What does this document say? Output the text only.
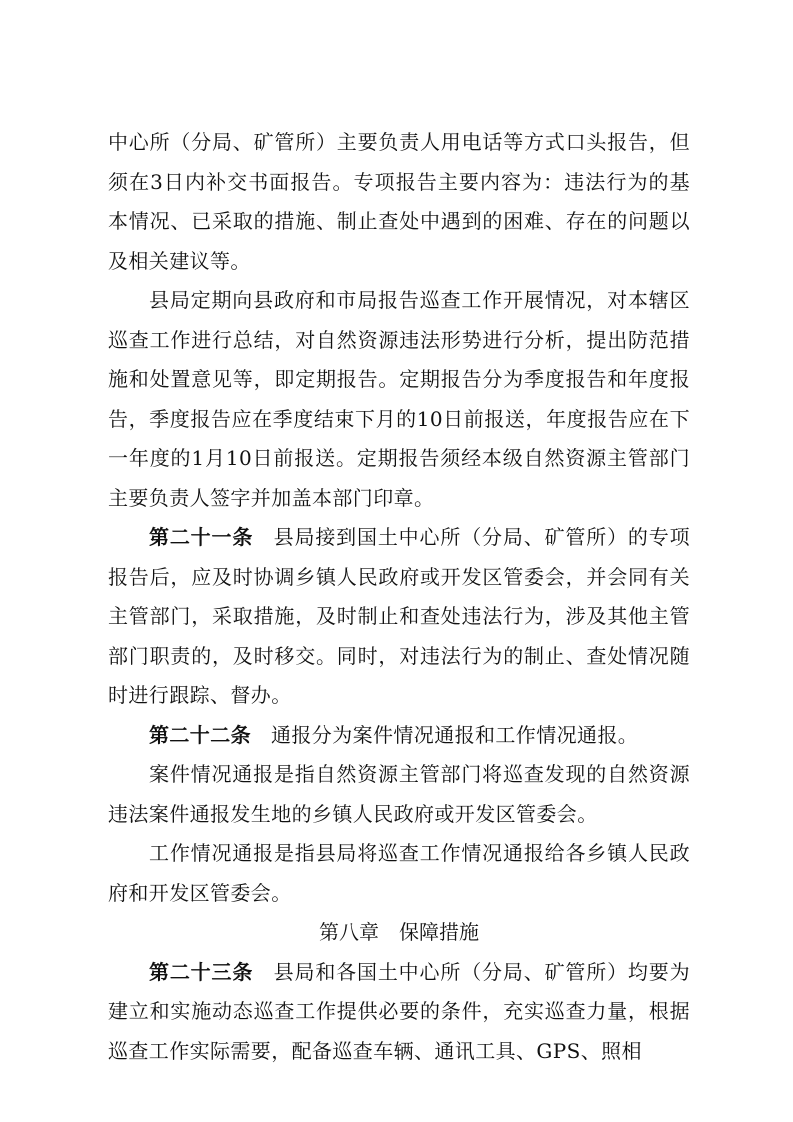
中心所（分局、矿管所）主要负责人用电话等方式口头报告，但须在3日内补交书面报告。专项报告主要内容为：违法行为的基本情况、已采取的措施、制止查处中遇到的困难、存在的问题以及相关建议等。

县局定期向县政府和市局报告巡查工作开展情况，对本辖区巡查工作进行总结，对自然资源违法形势进行分析，提出防范措施和处置意见等，即定期报告。定期报告分为季度报告和年度报告，季度报告应在季度结束下月的10日前报送，年度报告应在下一年度的1月10日前报送。定期报告须经本级自然资源主管部门主要负责人签字并加盖本部门印章。

第二十一条 县局接到国土中心所（分局、矿管所）的专项报告后，应及时协调乡镇人民政府或开发区管委会，并会同有关主管部门，采取措施，及时制止和查处违法行为，涉及其他主管部门职责的，及时移交。同时，对违法行为的制止、查处情况随时进行跟踪、督办。

第二十二条 通报分为案件情况通报和工作情况通报。

案件情况通报是指自然资源主管部门将巡查发现的自然资源违法案件通报发生地的乡镇人民政府或开发区管委会。

工作情况通报是指县局将巡查工作情况通报给各乡镇人民政府和开发区管委会。

第八章 保障措施

第二十三条 县局和各国土中心所（分局、矿管所）均要为建立和实施动态巡查工作提供必要的条件，充实巡查力量，根据巡查工作实际需要，配备巡查车辆、通讯工具、GPS、照相
